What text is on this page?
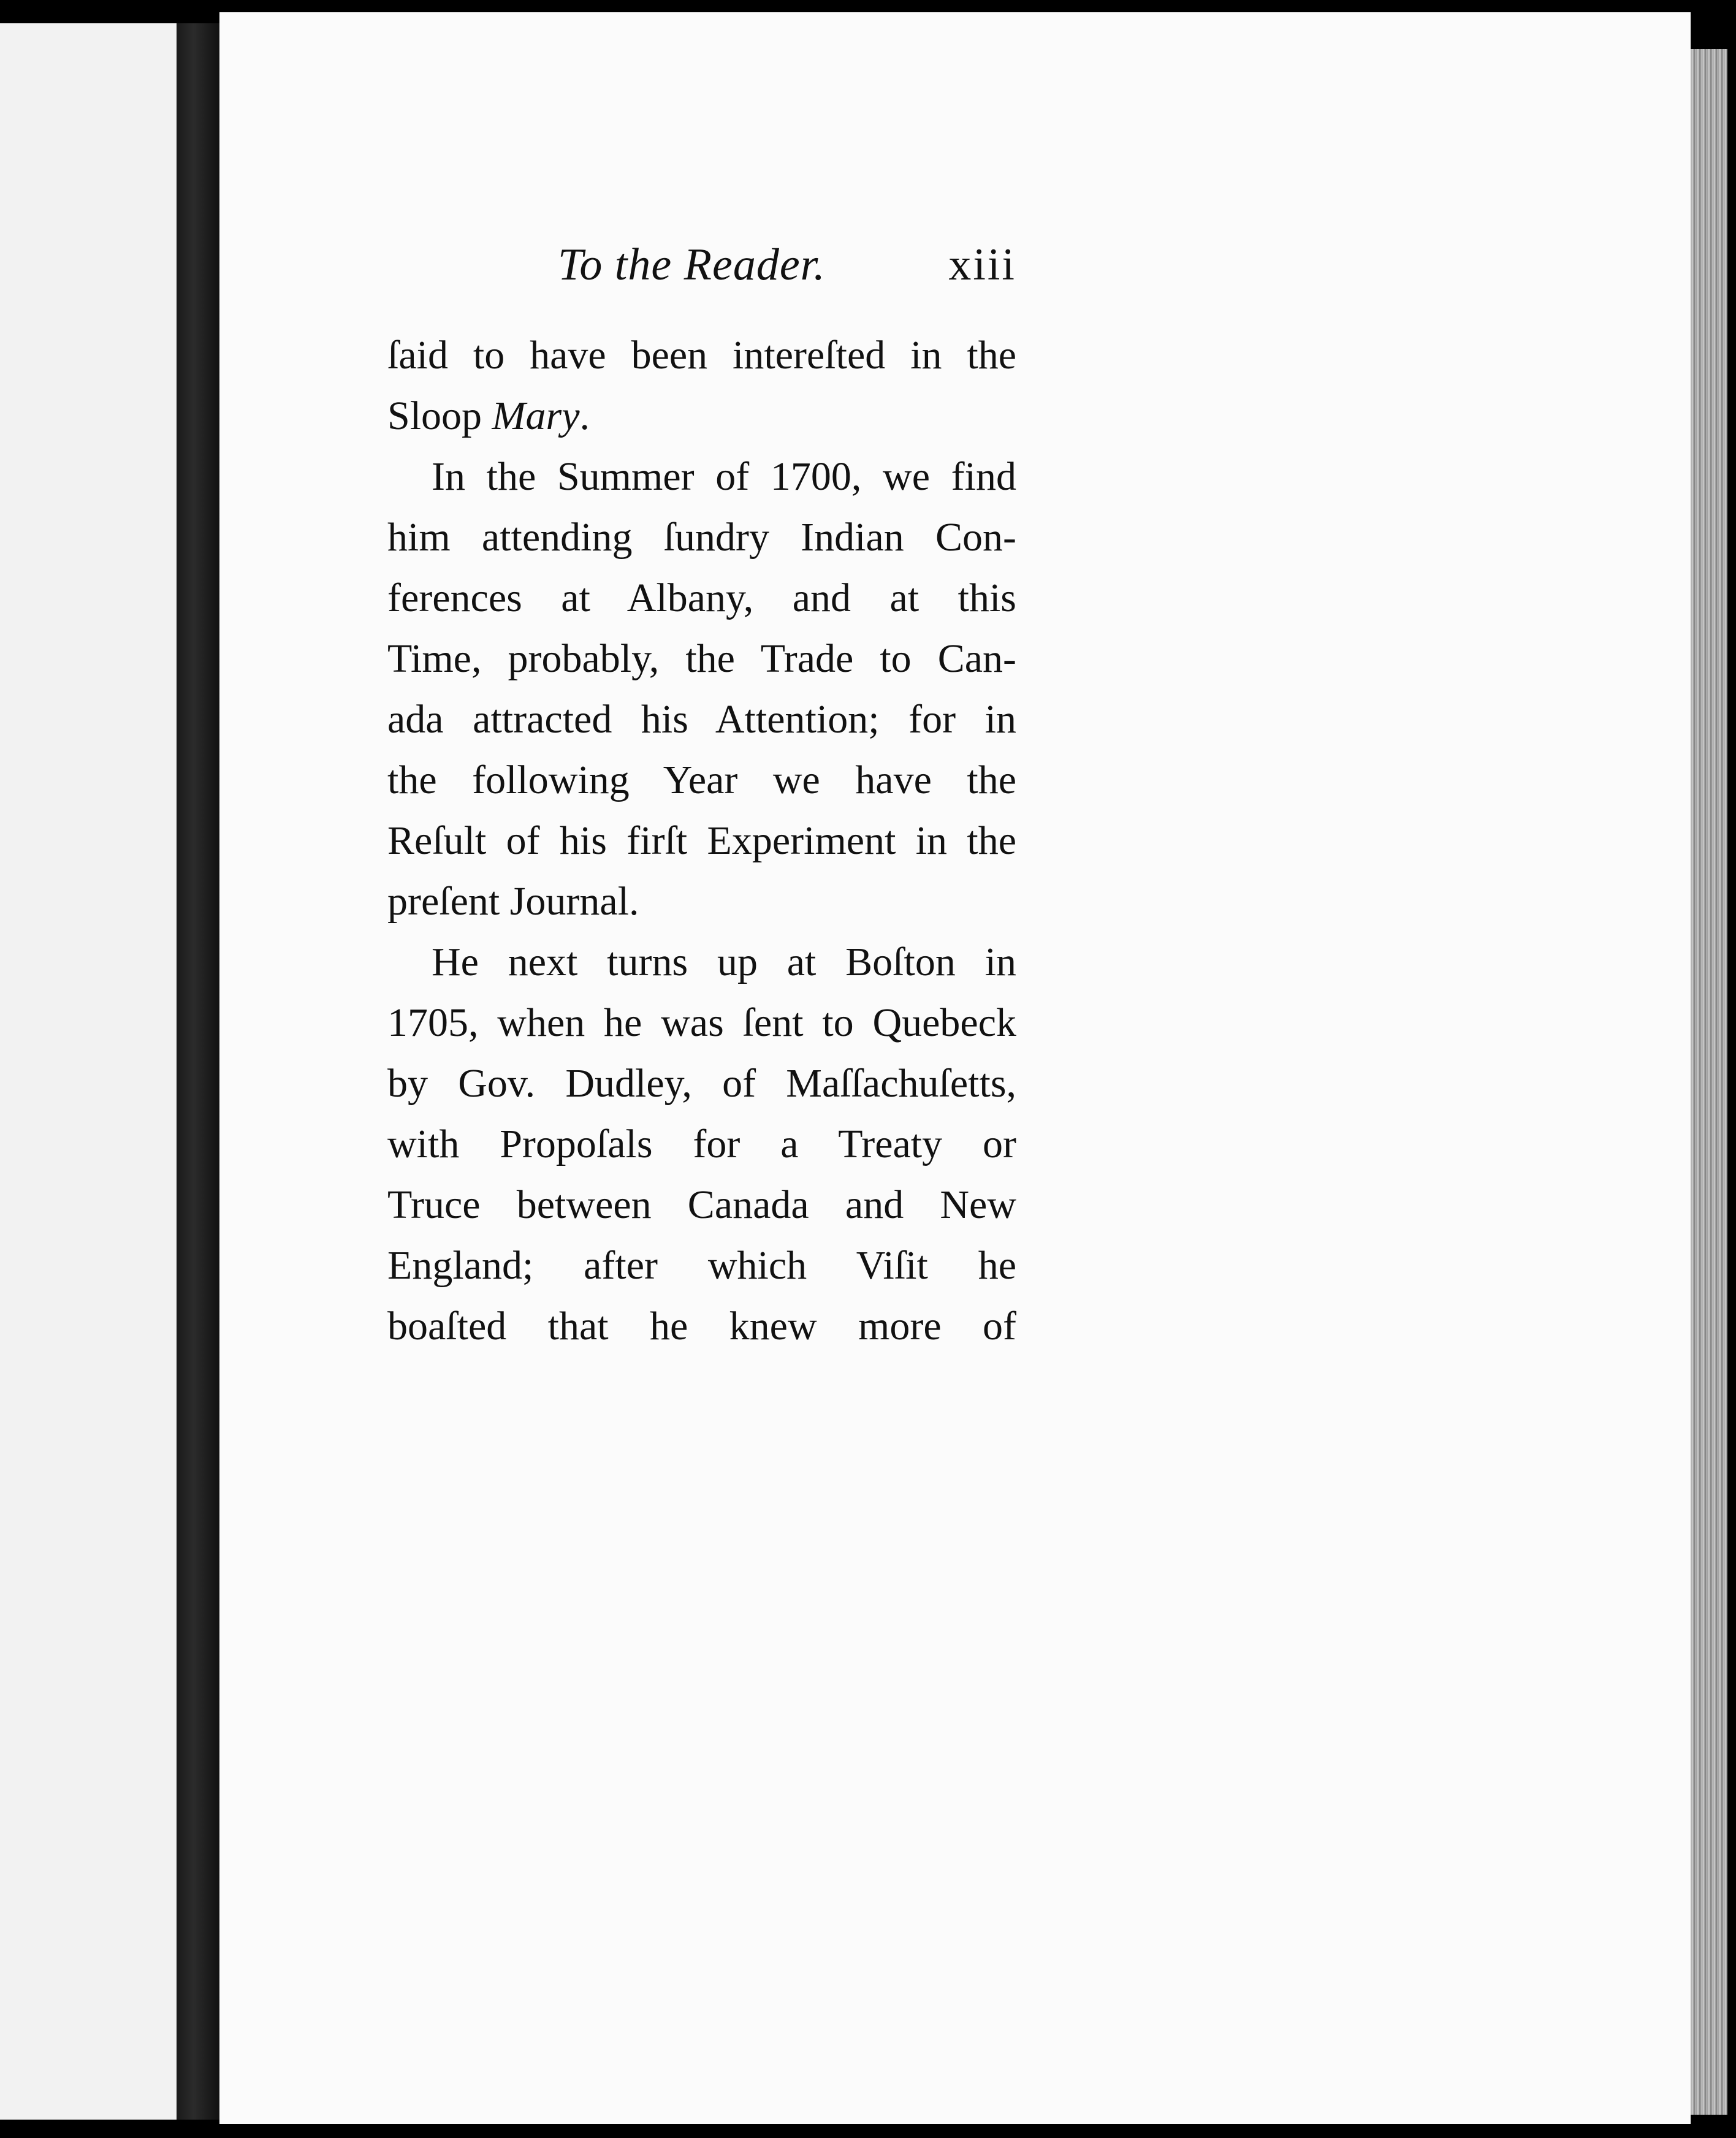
To the Reader.	xiii
ſaid to have been intereſted in the
Sloop Mary.
In the Summer of 1700, we find
him attending ſundry Indian Con-
ferences at Albany, and at this
Time, probably, the Trade to Can-
ada attracted his Attention; for in
the following Year we have the
Reſult of his firſt Experiment in the
preſent Journal.
He next turns up at Boſton in
1705, when he was ſent to Quebeck
by Gov. Dudley, of Maſſachuſetts,
with Propoſals for a Treaty or
Truce between Canada and New
England; after which Viſit he
boaſted that he knew more of
